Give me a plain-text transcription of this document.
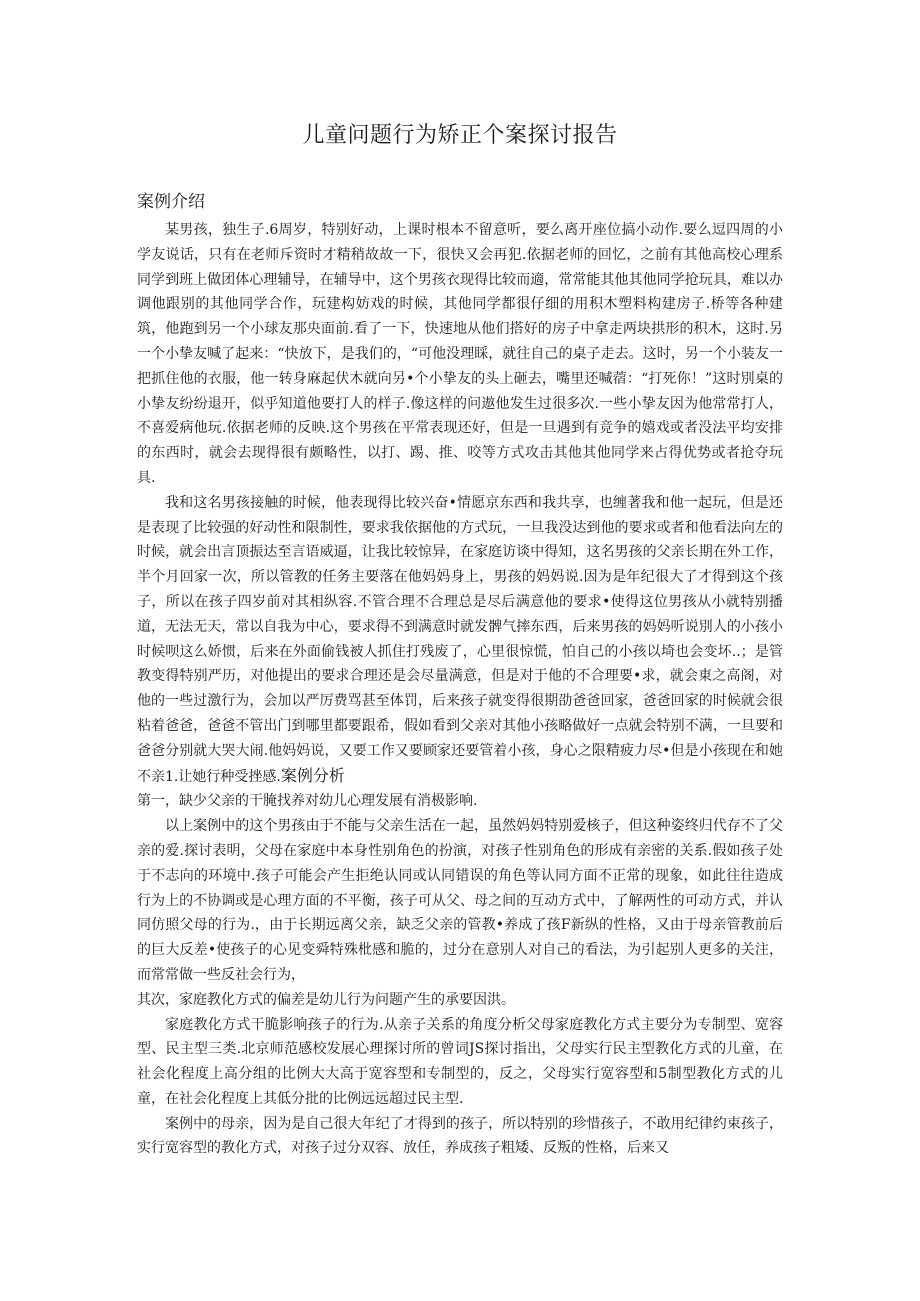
儿童问题行为矫正个案探讨报告
案例介绍

某男孩，独生子.6周岁，特别好动，上课时根本不留意听，要么离开座位搞小动作.要么逗四周的小学友说话，只有在老师斥资时才精稍故故一下，很快又会再犯.依据老师的回忆，之前有其他高校心理系同学到班上做团体心理辅导，在辅导中，这个男孩衣现得比较而適，常常能其他其他同学抢玩具，难以办调他跟别的其他同学合作，玩建构妨戏的时候，其他同学都很仔细的用积木塑料构建房子.桥等各种建筑，他跑到另一个小球友那央面前.看了一下，快速地从他们搭好的房子中拿走两块拱形的积木，这时.另一个小挚友喊了起来：“快放下，是我们的，“可他没理睬，就往自己的桌子走去。这时，另一个小装友一把抓住他的衣服，他一转身麻起伏木就向另•个小挚友的头上砸去，嘴里还喊蓿：“打死你！”这时別桌的小挚友纷纷退开，似乎知道他要打人的样子.像这样的问遨他发生过很多次.一些小挚友因为他常常打人，不喜爱病他玩.依据老师的反映.这个男孩在平常表现还好，但是一旦遇到有竞争的嬉戏或者没法平均安排的东西时，就会去现得很有颇略性，以打、踢、推、咬等方式攻击其他其他同学来占得优势或者抢夺玩具.

我和这名男孩接触的时候，他表现得比较兴奋•情愿京东西和我共享，也缠著我和他一起玩，但是还是表现了比较强的好动性和限制性，要求我依据他的方式玩，一旦我没达到他的要求或者和他看法向左的时候，就会出言顶振达至言语威逼，让我比较惊异，在家庭访谈中得知，这名男孩的父亲长期在外工作，半个月回家一次，所以管教的任务主要落在他妈妈身上，男孩的妈妈说.因为是年纪很大了才得到这个孩子，所以在孩子四岁前对其相纵容.不管合理不合理总是尽后满意他的要求•使得这位男孩从小就特别播道，无法无天，常以自我为中心，要求得不到满意时就发髀气摔东西，后来男孩的妈妈听说別人的小孩小时候呗这么娇惯，后来在外面偷钱被人抓住打残废了，心里很惊慌，怕自己的小孩以埼也会变坏..；是管教变得特别严历，对他提出的要求合理还是会尽量满意，但是对于他的不合理要•求，就会東之高阁，对他的一些过激行为，会加以严厉费骂甚至体罚，后来孩子就变得很期劭爸爸回家，爸爸回家的时候就会很粘着爸爸，爸爸不管出门到哪里都要跟希，假如看到父亲对其他小孩略做好一点就会特别不满，一旦要和爸爸分别就大哭大闹.他妈妈说，又要工作又要顾家还要管着小孩，身心之限精疲力尽•但是小孩现在和她不亲1.让她行种受挫感.案例分析

第一，缺少父亲的干腌找养对幼儿心理发展有消极影响.

以上案例中的这个男孩由于不能与父亲生活在一起，虽然妈妈特别爱核子，但这种姿终归代存不了父亲的爱.探讨表明，父母在家庭中本身性别角色的扮演，对孩子性别角色的形成有亲密的关系.假如孩子处于不志向的环境中.孩子可能会产生拒绝认同或认同错误的角色等认同方面不正常的现象，如此往往造成行为上的不协调或是心理方面的不平衡，孩子可从父、母之间的互动方式中，了解两性的可动方式，并认同仿照父母的行为.，由于长期远离父亲，缺乏父亲的管教•养成了孩F新纵的性格，又由于母亲管教前后的巨大反差•使孩子的心见变舜特殊枇感和脆的，过分在意别人对自己的看法，为引起别人更多的关注，而常常做一些反社会行为，

其次，家庭教化方式的偏差是幼儿行为问题产生的承要因洪。

家庭教化方式干脆影响孩子的行为.从亲子关系的角度分析父母家庭教化方式主要分为专制型、宽容型、民主型三类.北京师范感校发展心理探讨所的曾词JS探讨指出，父母实行民主型教化方式的儿童，在社会化程度上高分组的比例大大高于宽容型和专制型的，反之，父母实行宽容型和5制型教化方式的儿童，在社会化程度上其低分批的比例远远超过民主型.

案例中的母亲，因为是自己很大年纪了才得到的孩子，所以特别的珍惜孩子，不敢用纪律约束孩子，实行宽容型的教化方式，对孩子过分双容、放任，养成孩子粗矮、反叛的性格，后来又
